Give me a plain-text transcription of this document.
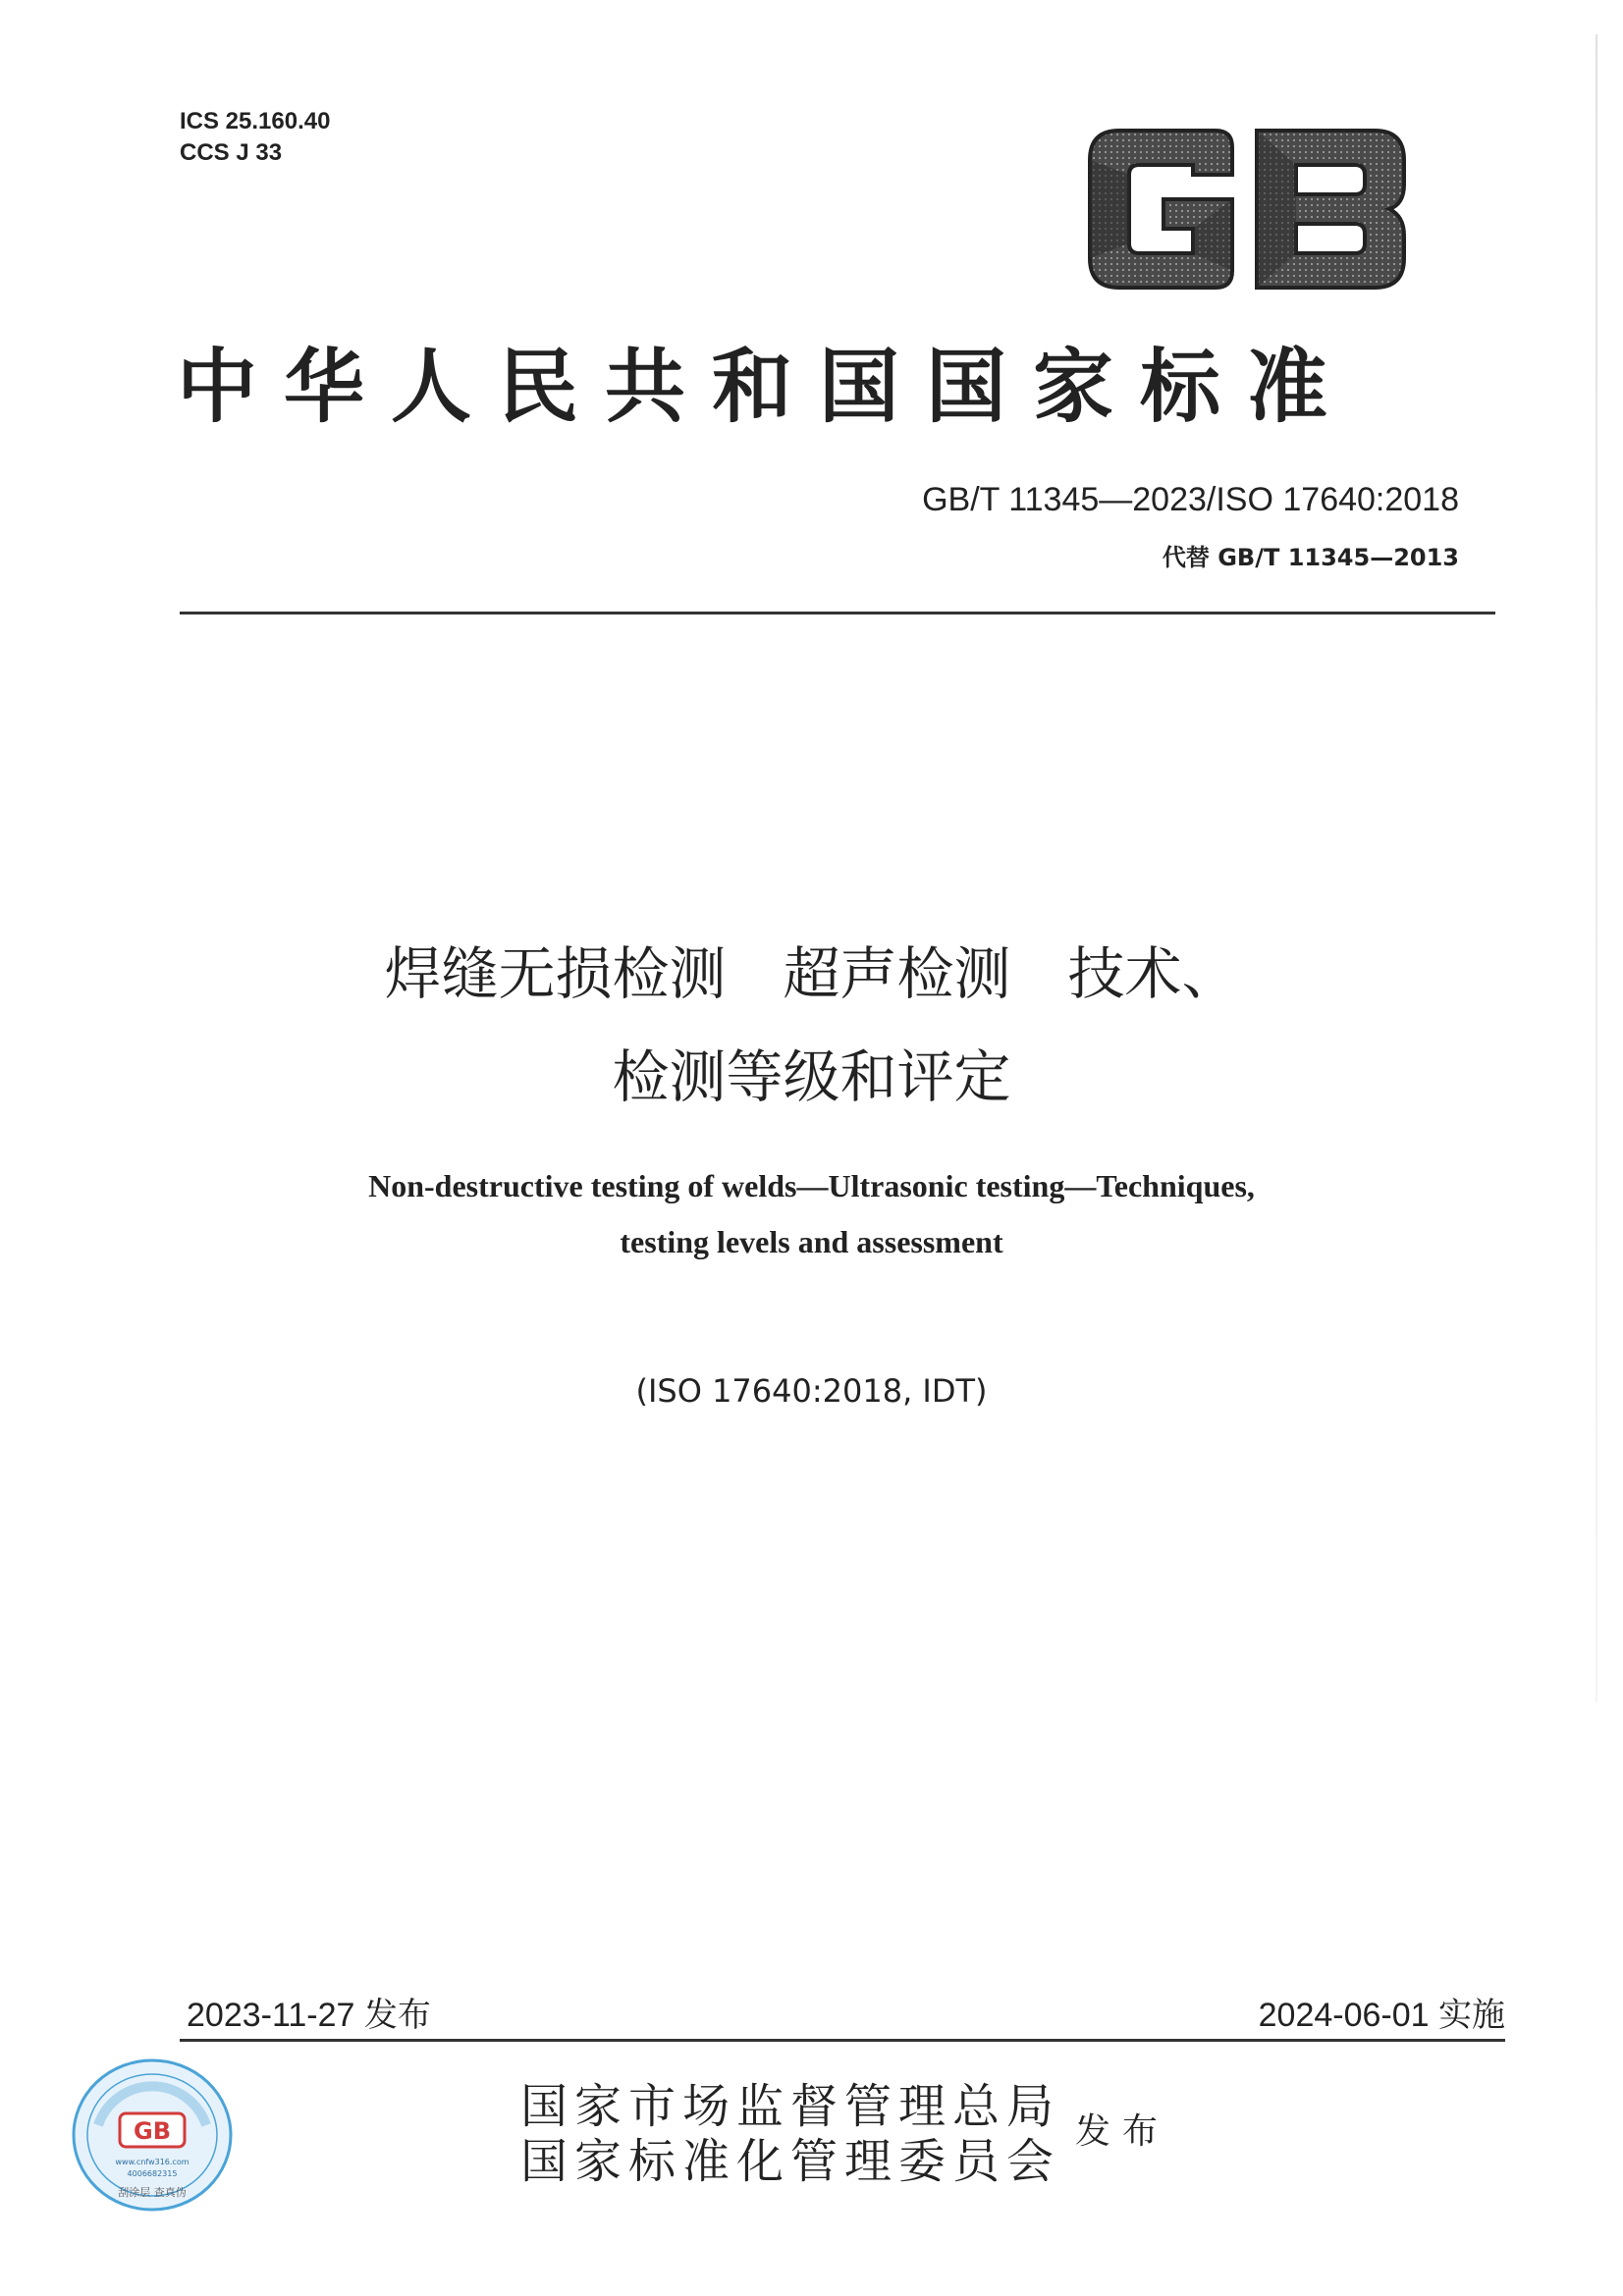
ICS 25.160.40
CCS J 33
中华人民共和国国家标准
GB/T 11345—2023/ISO 17640:2018
代替 GB/T 11345—2013
焊缝无损检测　超声检测　技术、
检测等级和评定
Non-destructive testing of welds—Ultrasonic testing—Techniques,
testing levels and assessment
(ISO 17640:2018, IDT)
2023-11-27 发布	2024-06-01 实施
GB
www.cnfw316.com
4006682315
刮涂层 查真伪
国家市场监督管理总局
国家标准化管理委员会
发布
